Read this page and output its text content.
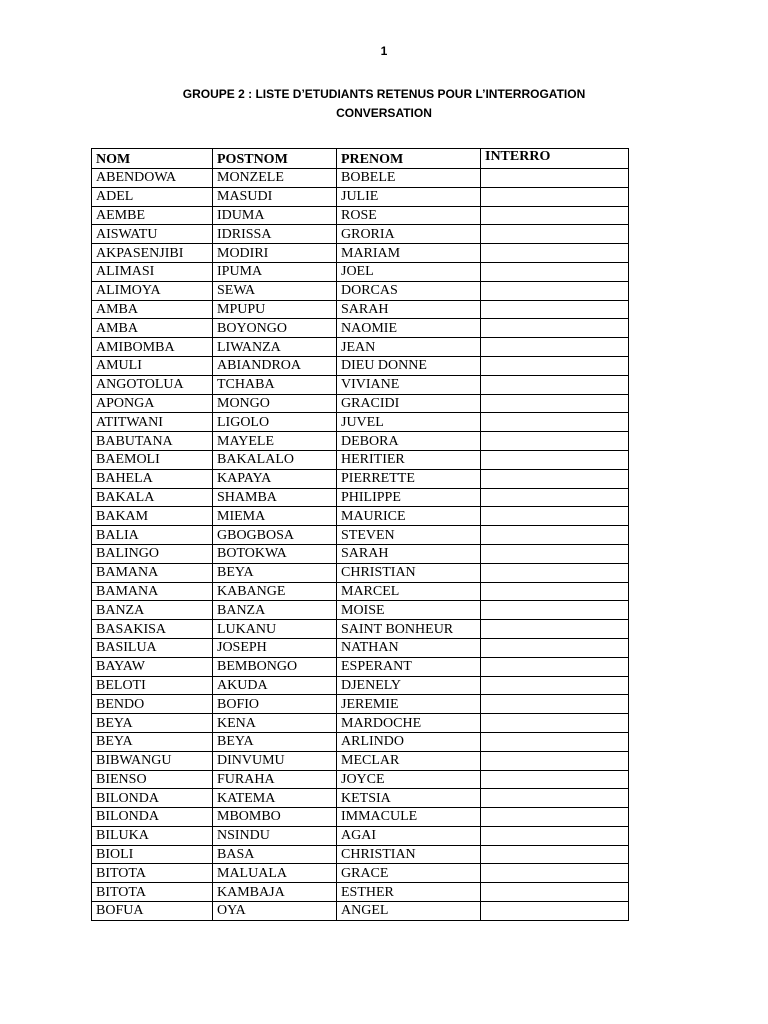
1
GROUPE 2 : LISTE D’ETUDIANTS RETENUS POUR L’INTERROGATION
CONVERSATION
NOM	POSTNOM	PRENOM	INTERRO
ABENDOWA	MONZELE	BOBELE	
ADEL	MASUDI	JULIE	
AEMBE	IDUMA	ROSE	
AISWATU	IDRISSA	GRORIA	
AKPASENJIBI	MODIRI	MARIAM	
ALIMASI	IPUMA	JOEL	
ALIMOYA	SEWA	DORCAS	
AMBA	MPUPU	SARAH	
AMBA	BOYONGO	NAOMIE	
AMIBOMBA	LIWANZA	JEAN	
AMULI	ABIANDROA	DIEU DONNE	
ANGOTOLUA	TCHABA	VIVIANE	
APONGA	MONGO	GRACIDI	
ATITWANI	LIGOLO	JUVEL	
BABUTANA	MAYELE	DEBORA	
BAEMOLI	BAKALALO	HERITIER	
BAHELA	KAPAYA	PIERRETTE	
BAKALA	SHAMBA	PHILIPPE	
BAKAM	MIEMA	MAURICE	
BALIA	GBOGBOSA	STEVEN	
BALINGO	BOTOKWA	SARAH	
BAMANA	BEYA	CHRISTIAN	
BAMANA	KABANGE	MARCEL	
BANZA	BANZA	MOISE	
BASAKISA	LUKANU	SAINT BONHEUR	
BASILUA	JOSEPH	NATHAN	
BAYAW	BEMBONGO	ESPERANT	
BELOTI	AKUDA	DJENELY	
BENDO	BOFIO	JEREMIE	
BEYA	KENA	MARDOCHE	
BEYA	BEYA	ARLINDO	
BIBWANGU	DINVUMU	MECLAR	
BIENSO	FURAHA	JOYCE	
BILONDA	KATEMA	KETSIA	
BILONDA	MBOMBO	IMMACULE	
BILUKA	NSINDU	AGAI	
BIOLI	BASA	CHRISTIAN	
BITOTA	MALUALA	GRACE	
BITOTA	KAMBAJA	ESTHER	
BOFUA	OYA	ANGEL	
